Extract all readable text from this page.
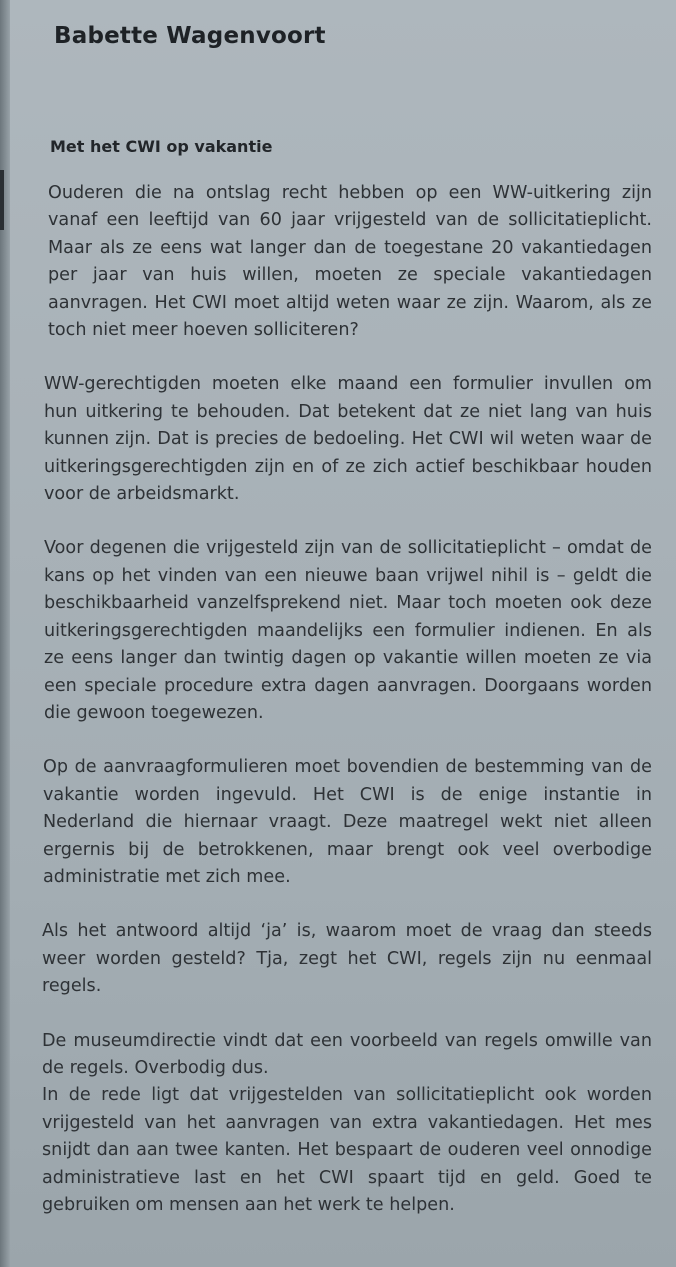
Babette Wagenvoort
Met het CWI op vakantie

Ouderen die na ontslag recht hebben op een WW-uitkering zijn vanaf een leeftijd van 60 jaar vrijgesteld van de sollicitatieplicht. Maar als ze eens wat langer dan de toegestane 20 vakantiedagen per jaar van huis willen, moeten ze speciale vakantiedagen aanvragen. Het CWI moet altijd weten waar ze zijn. Waarom, als ze toch niet meer hoeven solliciteren?

WW-gerechtigden moeten elke maand een formulier invullen om hun uitkering te behouden. Dat betekent dat ze niet lang van huis kunnen zijn. Dat is precies de bedoeling. Het CWI wil weten waar de uitkeringsgerechtigden zijn en of ze zich actief beschikbaar houden voor de arbeidsmarkt.

Voor degenen die vrijgesteld zijn van de sollicitatieplicht – omdat de kans op het vinden van een nieuwe baan vrijwel nihil is – geldt die beschikbaarheid vanzelfsprekend niet. Maar toch moeten ook deze uitkeringsgerechtigden maandelijks een formulier indienen. En als ze eens langer dan twintig dagen op vakantie willen moeten ze via een speciale procedure extra dagen aanvragen. Doorgaans worden die gewoon toegewezen.

Op de aanvraagformulieren moet bovendien de bestemming van de vakantie worden ingevuld. Het CWI is de enige instantie in Nederland die hiernaar vraagt. Deze maatregel wekt niet alleen ergernis bij de betrokkenen, maar brengt ook veel overbodige administratie met zich mee.

Als het antwoord altijd ‘ja’ is, waarom moet de vraag dan steeds weer worden gesteld? Tja, zegt het CWI, regels zijn nu eenmaal regels.

De museumdirectie vindt dat een voorbeeld van regels omwille van de regels. Overbodig dus.

In de rede ligt dat vrijgestelden van sollicitatieplicht ook worden vrijgesteld van het aanvragen van extra vakantiedagen. Het mes snijdt dan aan twee kanten. Het bespaart de ouderen veel onnodige administratieve last en het CWI spaart tijd en geld. Goed te gebruiken om mensen aan het werk te helpen.
